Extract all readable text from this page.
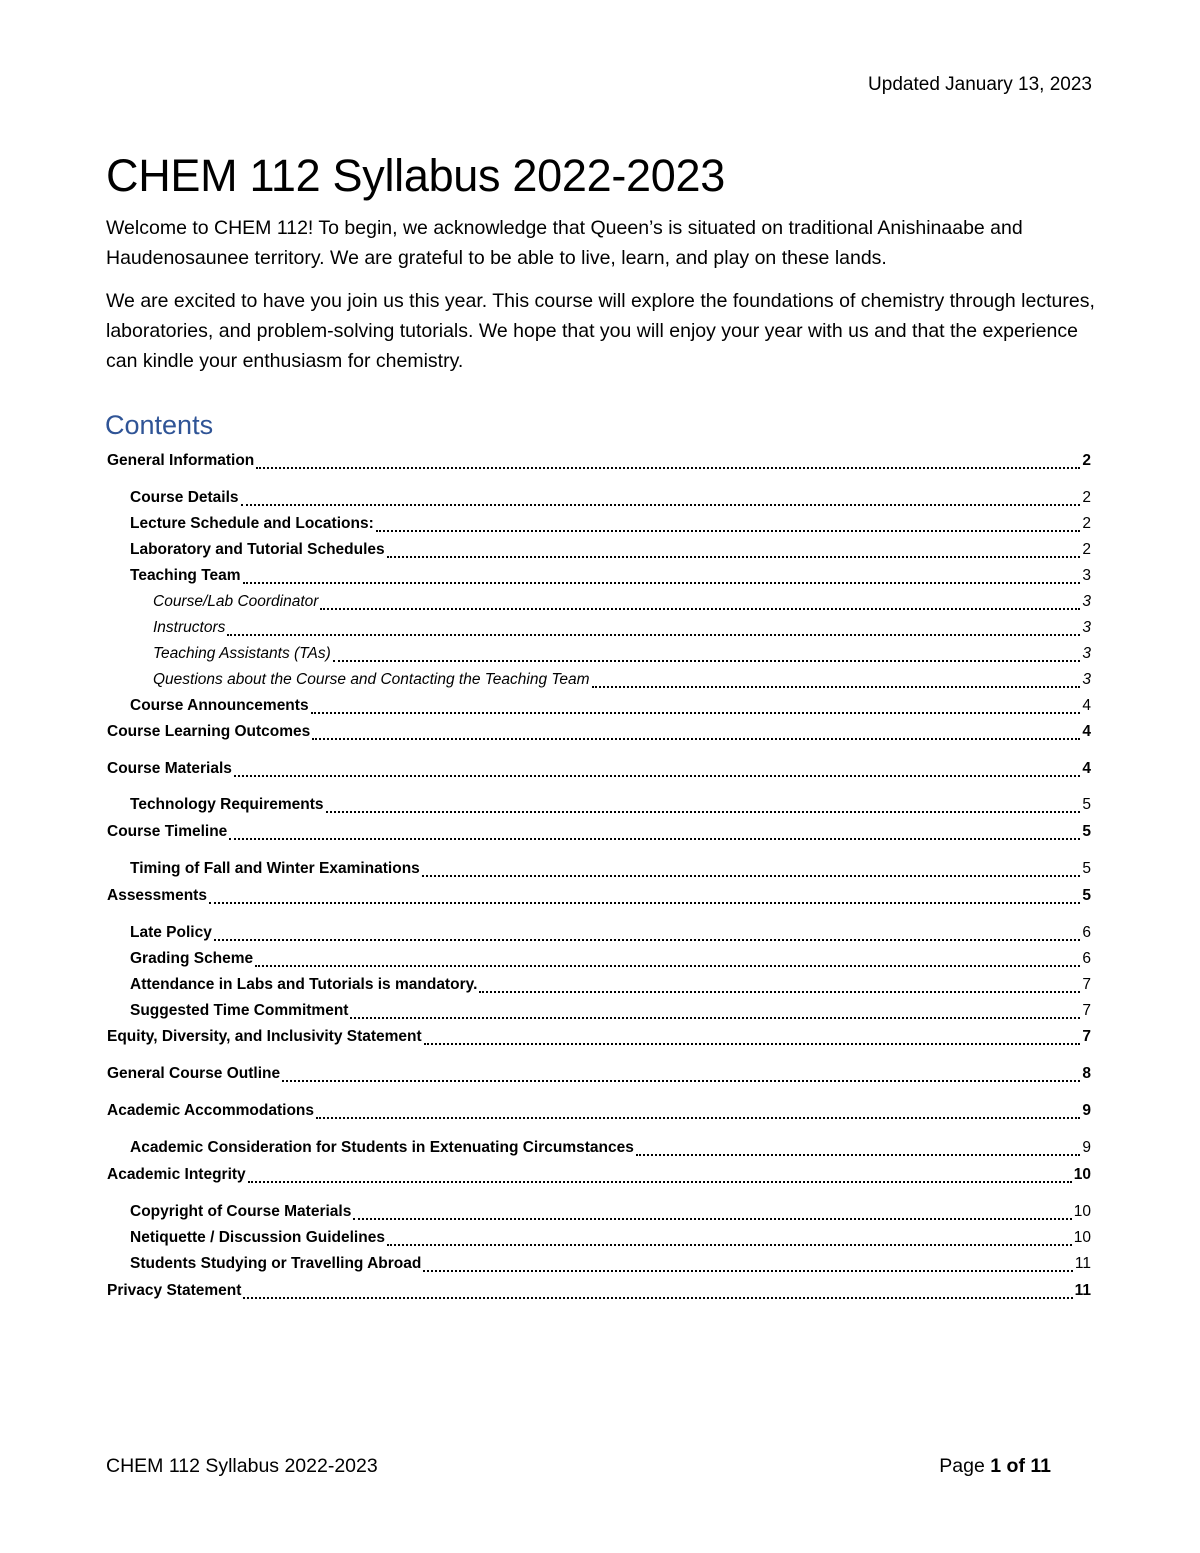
Updated January 13, 2023
CHEM 112 Syllabus 2022-2023

Welcome to CHEM 112! To begin, we acknowledge that Queen’s is situated on traditional Anishinaabe and Haudenosaunee territory. We are grateful to be able to live, learn, and play on these lands.

We are excited to have you join us this year. This course will explore the foundations of chemistry through lectures, laboratories, and problem-solving tutorials. We hope that you will enjoy your year with us and that the experience can kindle your enthusiasm for chemistry.

Contents
General Information	2
Course Details	2
Lecture Schedule and Locations:	2
Laboratory and Tutorial Schedules	2
Teaching Team	3
Course/Lab Coordinator	3
Instructors	3
Teaching Assistants (TAs)	3
Questions about the Course and Contacting the Teaching Team	3
Course Announcements	4
Course Learning Outcomes	4
Course Materials	4
Technology Requirements	5
Course Timeline	5
Timing of Fall and Winter Examinations	5
Assessments	5
Late Policy	6
Grading Scheme	6
Attendance in Labs and Tutorials is mandatory.	7
Suggested Time Commitment	7
Equity, Diversity, and Inclusivity Statement	7
General Course Outline	8
Academic Accommodations	9
Academic Consideration for Students in Extenuating Circumstances	9
Academic Integrity	10
Copyright of Course Materials	10
Netiquette / Discussion Guidelines	10
Students Studying or Travelling Abroad	11
Privacy Statement	11
CHEM 112 Syllabus 2022-2023	Page 1 of 11
